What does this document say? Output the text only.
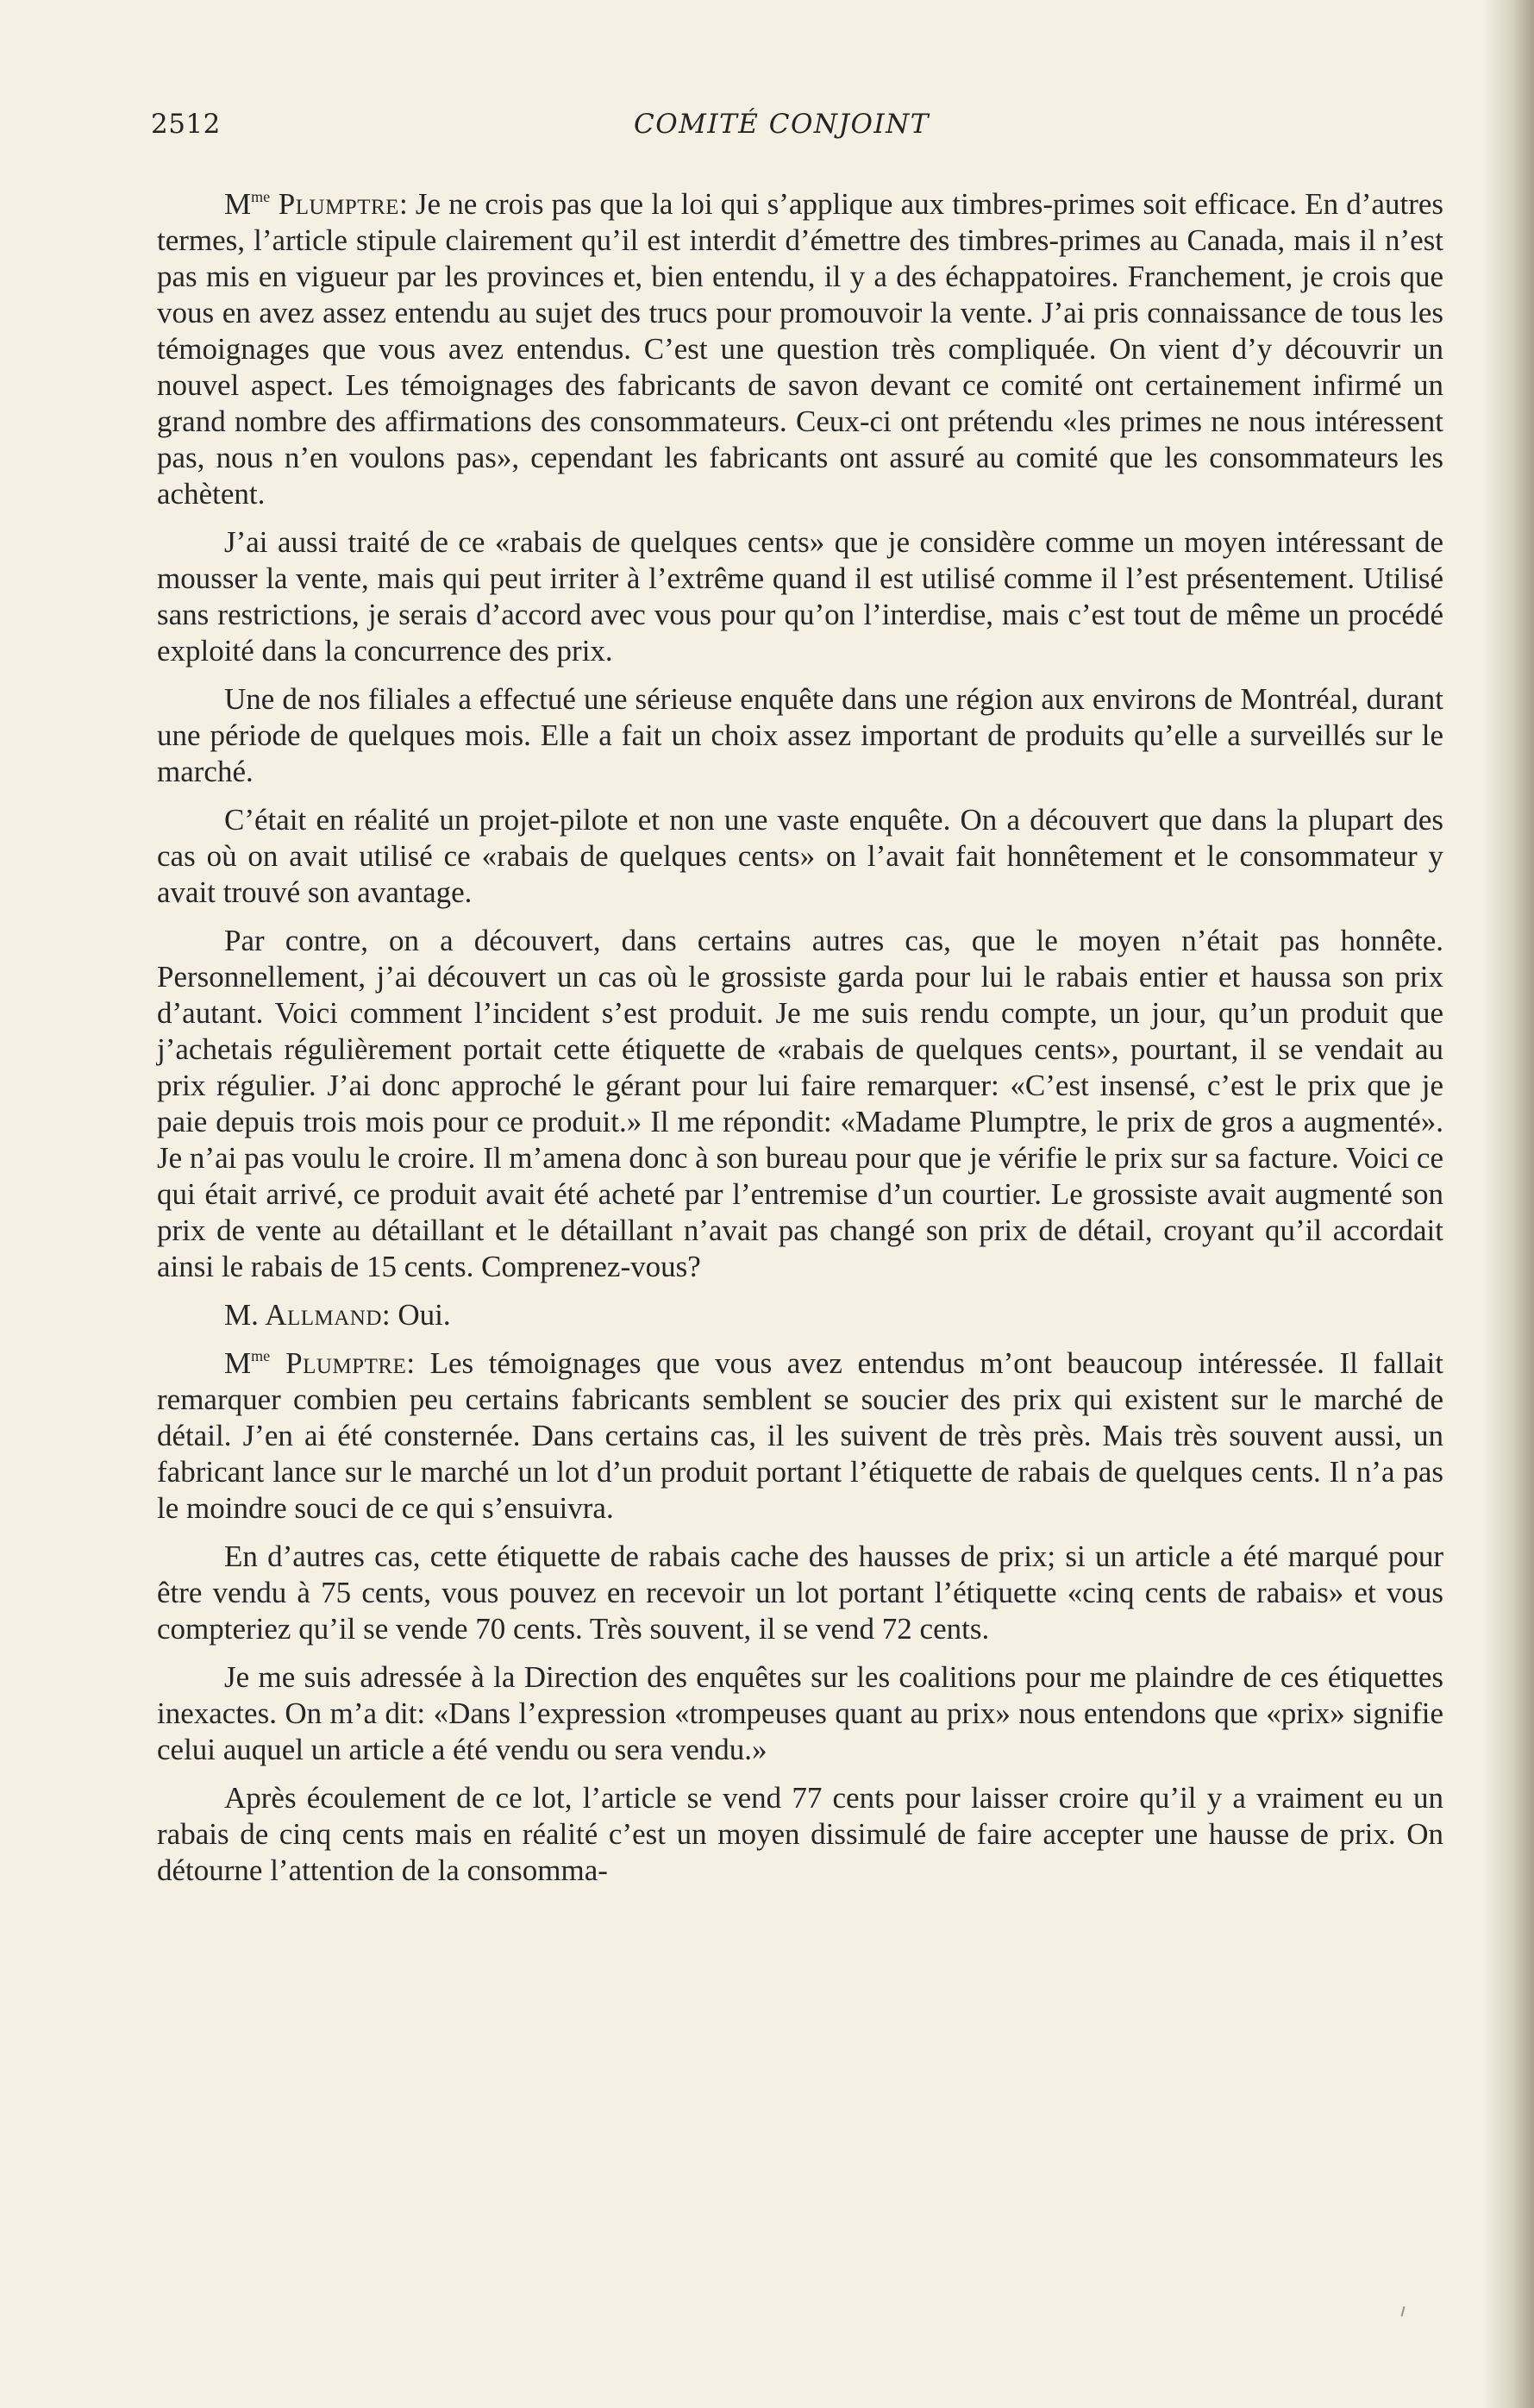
2512	COMITÉ CONJOINT

$M^{me}$ Plumptre: Je ne crois pas que la loi qui s’applique aux timbres-primes soit efficace. En d’autres termes, l’article stipule clairement qu’il est interdit d’émettre des timbres-primes au Canada, mais il n’est pas mis en vigueur par les provinces et, bien entendu, il y a des échappatoires. Franchement, je crois que vous en avez assez entendu au sujet des trucs pour promouvoir la vente. J’ai pris connaissance de tous les témoignages que vous avez entendus. C’est une question très compliquée. On vient d’y découvrir un nouvel aspect. Les témoignages des fabricants de savon devant ce comité ont certainement infirmé un grand nombre des affirmations des consommateurs. Ceux-ci ont prétendu «les primes ne nous intéressent pas, nous n’en voulons pas», cependant les fabricants ont assuré au comité que les consommateurs les achètent.

J’ai aussi traité de ce «rabais de quelques cents» que je considère comme un moyen intéressant de mousser la vente, mais qui peut irriter à l’extrême quand il est utilisé comme il l’est présentement. Utilisé sans restrictions, je serais d’accord avec vous pour qu’on l’interdise, mais c’est tout de même un procédé exploité dans la concurrence des prix.

Une de nos filiales a effectué une sérieuse enquête dans une région aux environs de Montréal, durant une période de quelques mois. Elle a fait un choix assez important de produits qu’elle a surveillés sur le marché.

C’était en réalité un projet-pilote et non une vaste enquête. On a découvert que dans la plupart des cas où on avait utilisé ce «rabais de quelques cents» on l’avait fait honnêtement et le consommateur y avait trouvé son avantage.

Par contre, on a découvert, dans certains autres cas, que le moyen n’était pas honnête. Personnellement, j’ai découvert un cas où le grossiste garda pour lui le rabais entier et haussa son prix d’autant. Voici comment l’incident s’est produit. Je me suis rendu compte, un jour, qu’un produit que j’achetais régulièrement portait cette étiquette de «rabais de quelques cents», pourtant, il se vendait au prix régulier. J’ai donc approché le gérant pour lui faire remarquer: «C’est insensé, c’est le prix que je paie depuis trois mois pour ce produit.» Il me répondit: «Madame Plumptre, le prix de gros a augmenté». Je n’ai pas voulu le croire. Il m’amena donc à son bureau pour que je vérifie le prix sur sa facture. Voici ce qui était arrivé, ce produit avait été acheté par l’entremise d’un courtier. Le grossiste avait augmenté son prix de vente au détaillant et le détaillant n’avait pas changé son prix de détail, croyant qu’il accordait ainsi le rabais de 15 cents. Comprenez-vous?

M. Allmand: Oui.

$M^{me}$ Plumptre: Les témoignages que vous avez entendus m’ont beaucoup intéressée. Il fallait remarquer combien peu certains fabricants semblent se soucier des prix qui existent sur le marché de détail. J’en ai été consternée. Dans certains cas, il les suivent de très près. Mais très souvent aussi, un fabricant lance sur le marché un lot d’un produit portant l’étiquette de rabais de quelques cents. Il n’a pas le moindre souci de ce qui s’ensuivra.

En d’autres cas, cette étiquette de rabais cache des hausses de prix; si un article a été marqué pour être vendu à 75 cents, vous pouvez en recevoir un lot portant l’étiquette «cinq cents de rabais» et vous compteriez qu’il se vende 70 cents. Très souvent, il se vend 72 cents.

Je me suis adressée à la Direction des enquêtes sur les coalitions pour me plaindre de ces étiquettes inexactes. On m’a dit: «Dans l’expression «trompeuses quant au prix» nous entendons que «prix» signifie celui auquel un article a été vendu ou sera vendu.»

Après écoulement de ce lot, l’article se vend 77 cents pour laisser croire qu’il y a vraiment eu un rabais de cinq cents mais en réalité c’est un moyen dissimulé de faire accepter une hausse de prix. On détourne l’attention de la consomma-
